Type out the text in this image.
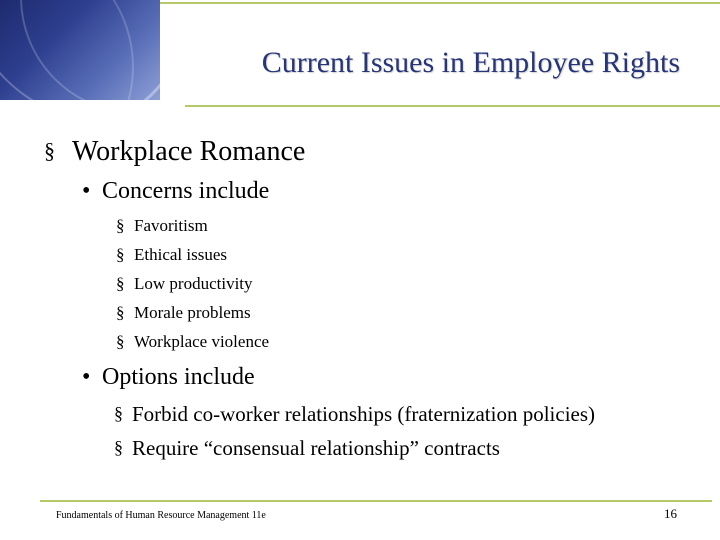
Current Issues in Employee Rights
§ Workplace Romance
• Concerns include
§ Favoritism
§ Ethical issues
§ Low productivity
§ Morale problems
§ Workplace violence
• Options include
§ Forbid co-worker relationships (fraternization policies)
§ Require “consensual relationship” contracts
Fundamentals of Human Resource Management 11e	16
